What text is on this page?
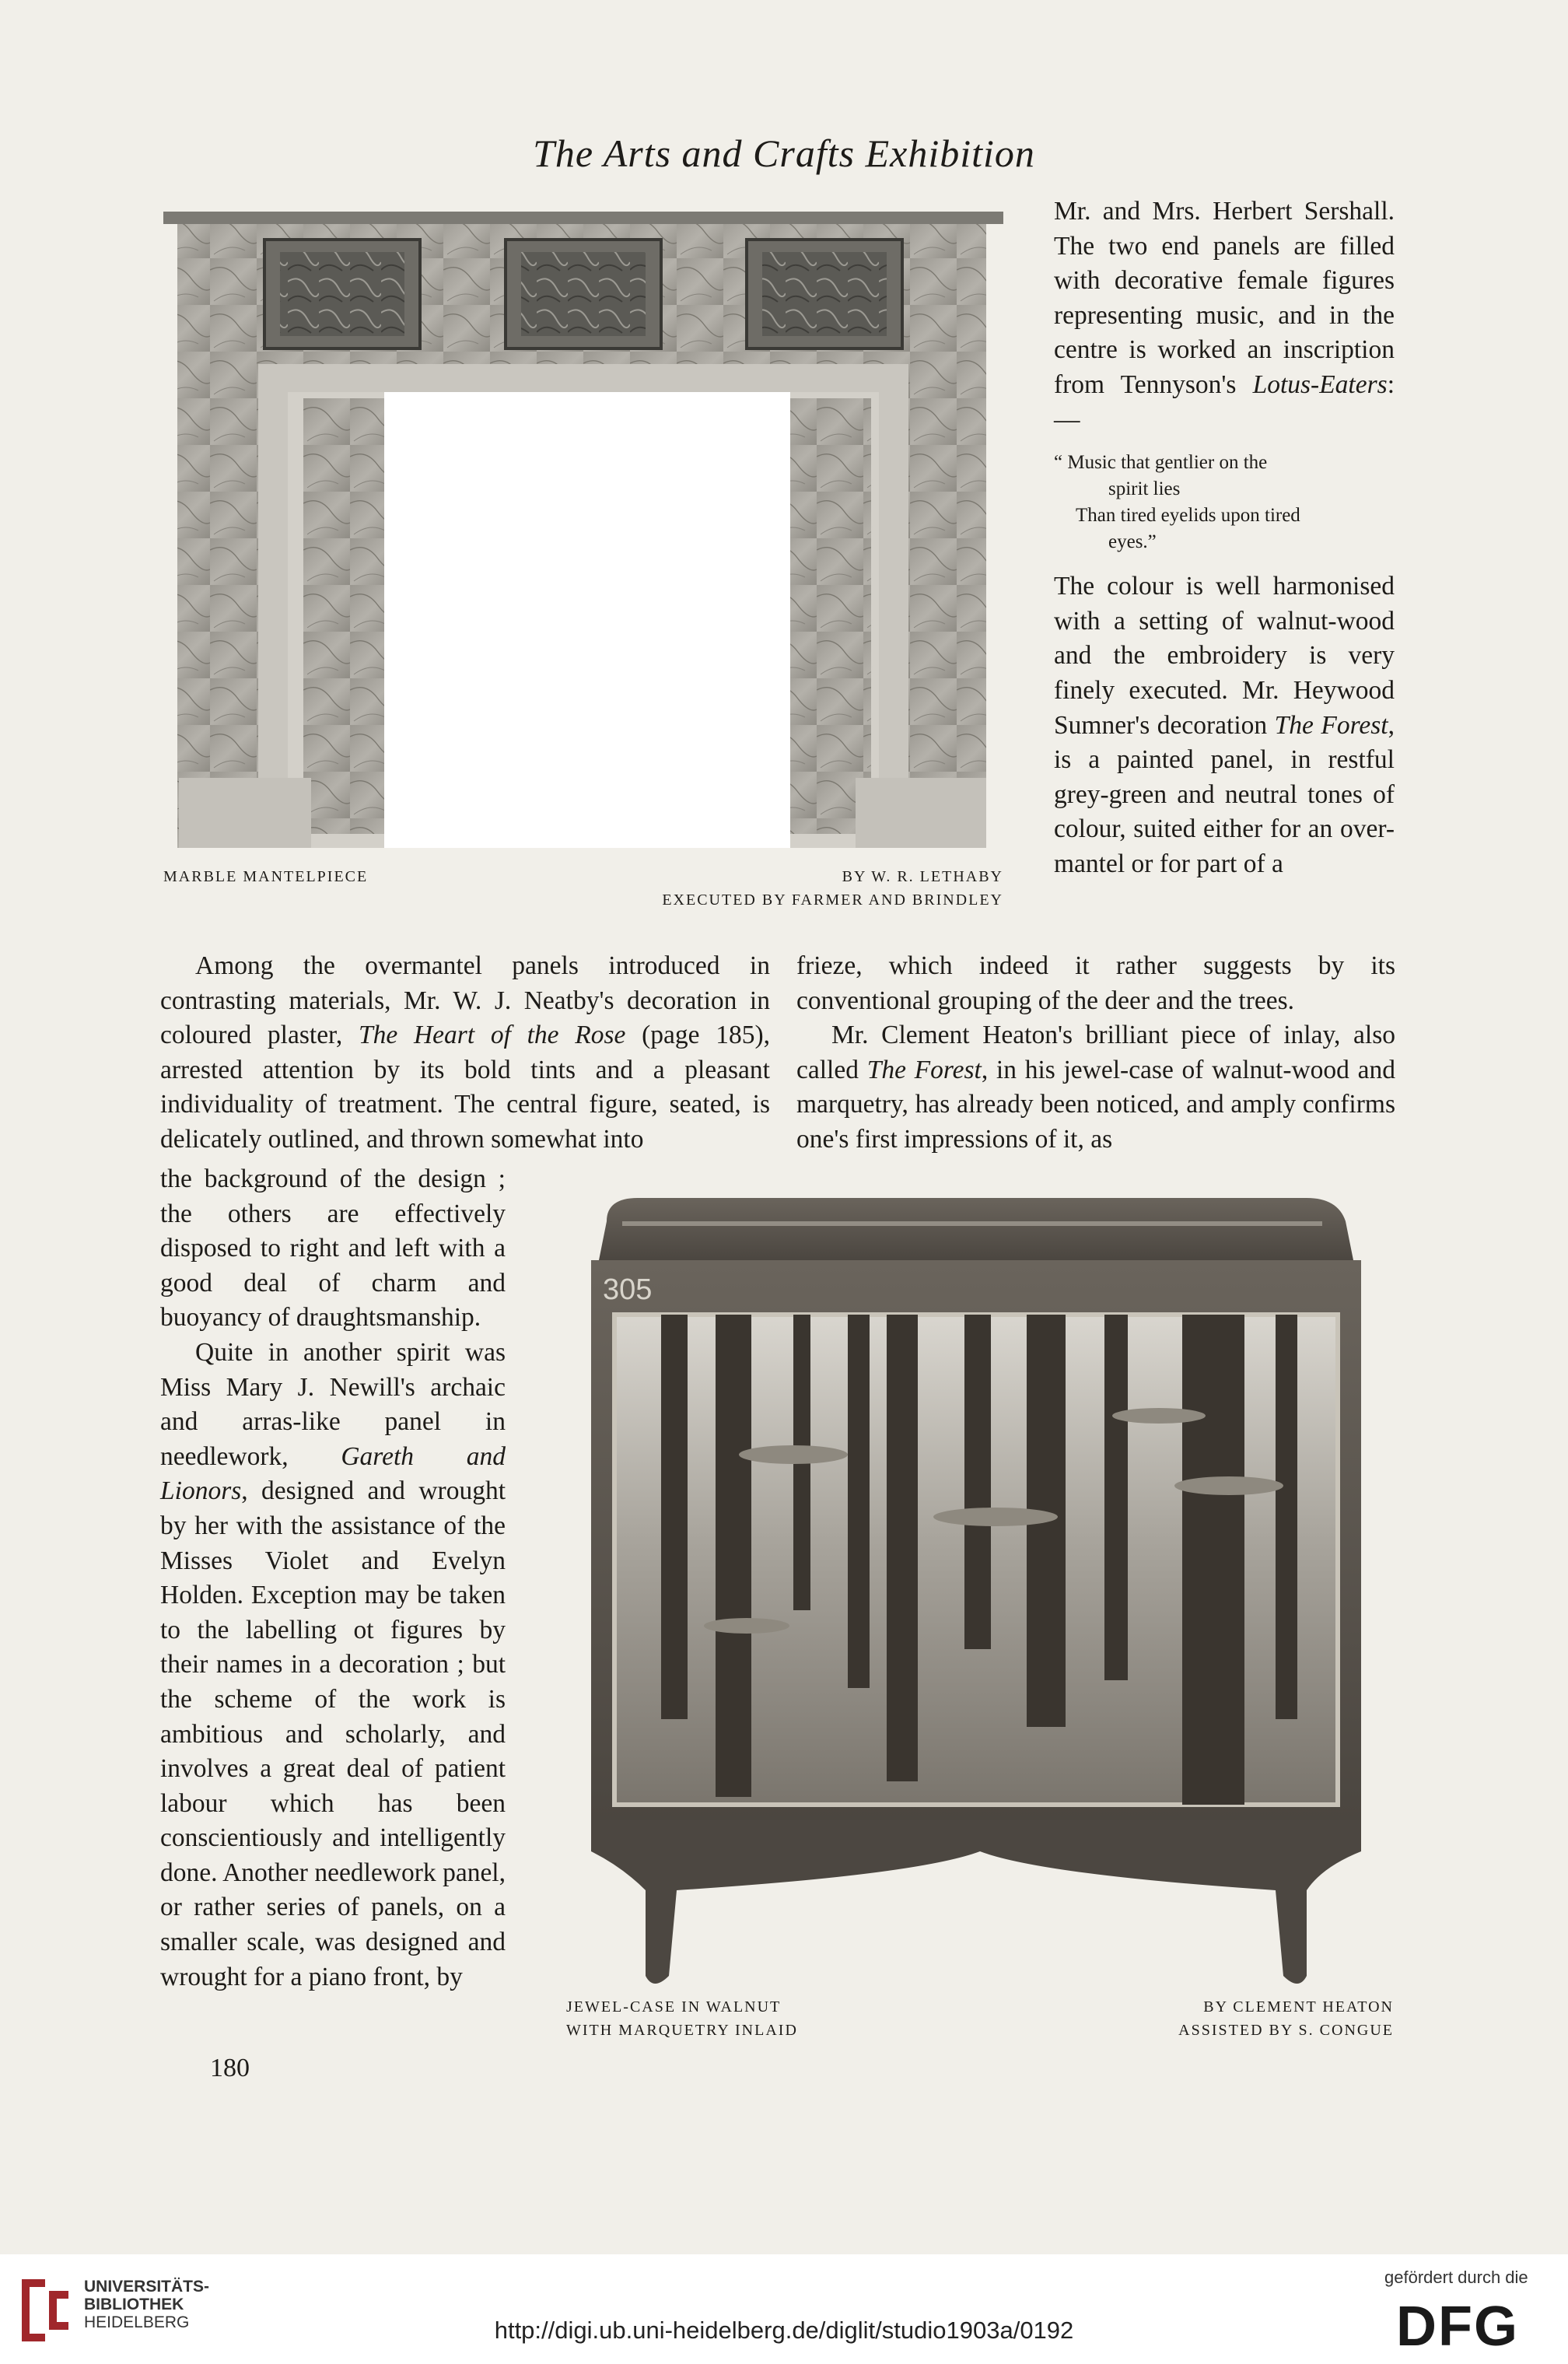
The Arts and Crafts Exhibition
MARBLE MANTELPIECE	BY W. R. LETHABY
EXECUTED BY FARMER AND BRINDLEY

Mr. and Mrs. Herbert Sershall. The two end panels are filled with decorative female figures representing music, and in the centre is worked an inscription from Tennyson's Lotus-Eaters:—

“ Music that gentlier on the
spirit lies
Than tired eyelids upon tired
eyes.”

The colour is well harmonised with a setting of walnut-wood and the embroidery is very finely executed. Mr. Heywood Sumner's decoration The Forest, is a painted panel, in restful grey-green and neutral tones of colour, suited either for an over-mantel or for part of a

Among the overmantel panels introduced in contrasting materials, Mr. W. J. Neatby's decoration in coloured plaster, The Heart of the Rose (page 185), arrested attention by its bold tints and a pleasant individuality of treatment. The central figure, seated, is delicately outlined, and thrown somewhat into

frieze, which indeed it rather suggests by its conventional grouping of the deer and the trees.

Mr. Clement Heaton's brilliant piece of inlay, also called The Forest, in his jewel-case of walnut-wood and marquetry, has already been noticed, and amply confirms one's first impressions of it, as

the background of the design ; the others are effectively disposed to right and left with a good deal of charm and buoyancy of draughtsmanship.

Quite in another spirit was Miss Mary J. Newill's archaic and arras-like panel in needlework, Gareth and Lionors, designed and wrought by her with the assistance of the Misses Violet and Evelyn Holden. Exception may be taken to the labelling ot figures by their names in a decoration ; but the scheme of the work is ambitious and scholarly, and involves a great deal of patient labour which has been conscientiously and intelligently done. Another needlework panel, or rather series of panels, on a smaller scale, was designed and wrought for a piano front, by

305
JEWEL-CASE IN WALNUT
WITH MARQUETRY INLAID
BY CLEMENT HEATON
ASSISTED BY S. CONGUE
180
UNIVERSITÄTS-
BIBLIOTHEK
HEIDELBERG	http://digi.ub.uni-heidelberg.de/diglit/studio1903a/0192
gefördert durch die
DFG
